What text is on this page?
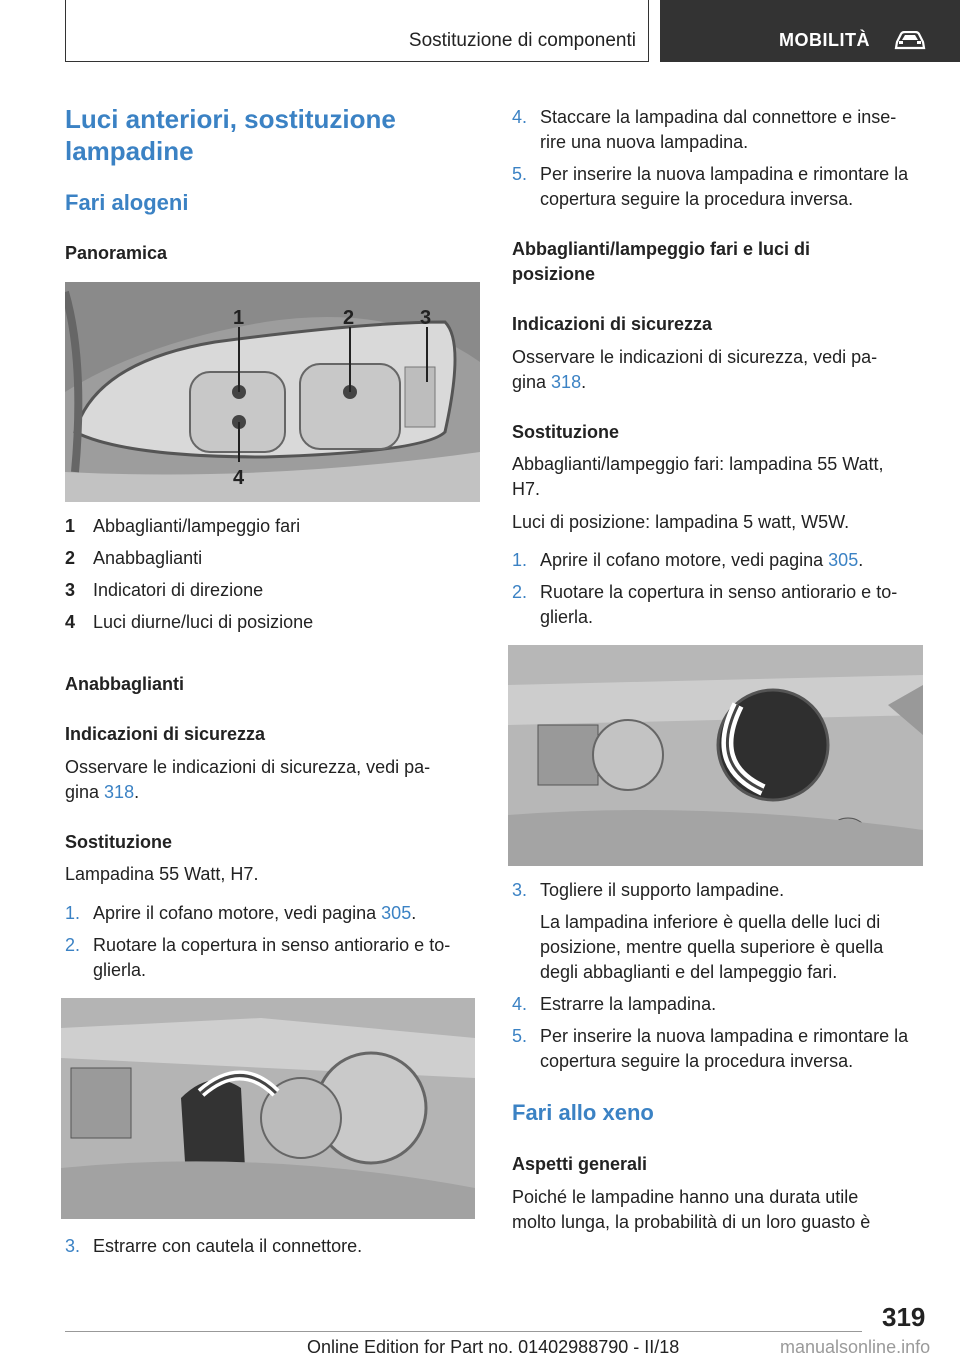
Sostituzione di componenti	MOBILITÀ
Luci anteriori, sostituzione lampadine
Fari alogeni
Panoramica
1	2	3
4
1 Abbaglianti/lampeggio fari
2 Anabbaglianti
3 Indicatori di direzione
4 Luci diurne/luci di posizione
Anabbaglianti
Indicazioni di sicurezza

Osservare le indicazioni di sicurezza, vedi pa‐

gina 318.

Sostituzione

Lampadina 55 Watt, H7.

1. Aprire il cofano motore, vedi pagina 305.
2. Ruotare la copertura in senso antiorario e to‐
glierla.
3. Estrarre con cautela il connettore.
4. Staccare la lampadina dal connettore e inse‐
rire una nuova lampadina.
5. Per inserire la nuova lampadina e rimontare la
copertura seguire la procedura inversa.
Abbaglianti/lampeggio fari e luci di
posizione
Indicazioni di sicurezza

Osservare le indicazioni di sicurezza, vedi pa‐

gina 318.

Sostituzione

Abbaglianti/lampeggio fari: lampadina 55 Watt,

H7.

Luci di posizione: lampadina 5 watt, W5W.

1. Aprire il cofano motore, vedi pagina 305.
2. Ruotare la copertura in senso antiorario e to‐
glierla.
3. Togliere il supporto lampadine.
La lampadina inferiore è quella delle luci di
posizione, mentre quella superiore è quella
degli abbaglianti e del lampeggio fari.
4. Estrarre la lampadina.
5. Per inserire la nuova lampadina e rimontare la
copertura seguire la procedura inversa.
Fari allo xeno
Aspetti generali

Poiché le lampadine hanno una durata utile

molto lunga, la probabilità di un loro guasto è

319
Online Edition for Part no. 01402988790 - II/18	manualsonline.info
